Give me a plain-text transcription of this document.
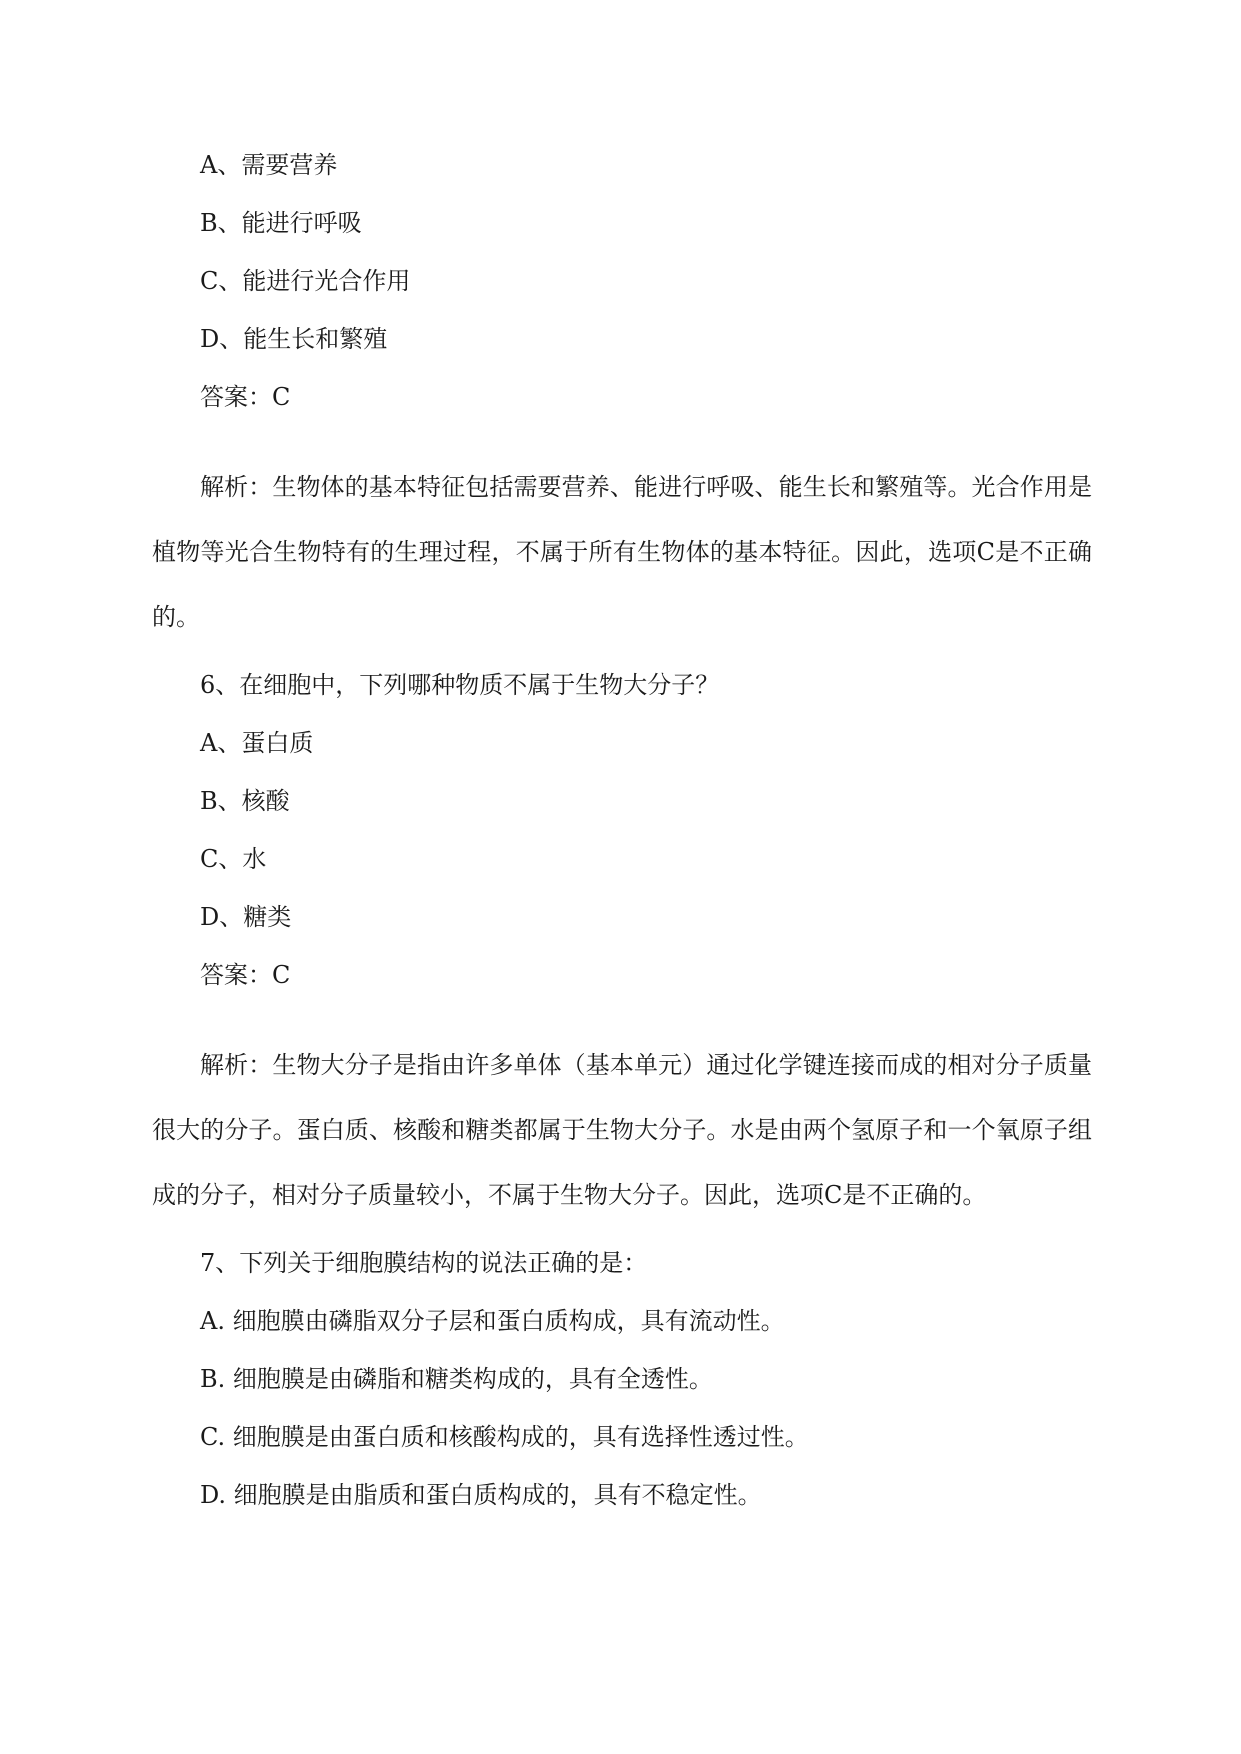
A、需要营养

B、能进行呼吸

C、能进行光合作用

D、能生长和繁殖

答案：C

解析：生物体的基本特征包括需要营养、能进行呼吸、能生长和繁殖等。光合作用是植物等光合生物特有的生理过程，不属于所有生物体的基本特征。因此，选项C是不正确的。

6、在细胞中，下列哪种物质不属于生物大分子？

A、蛋白质

B、核酸

C、水

D、糖类

答案：C

解析：生物大分子是指由许多单体（基本单元）通过化学键连接而成的相对分子质量很大的分子。蛋白质、核酸和糖类都属于生物大分子。水是由两个氢原子和一个氧原子组成的分子，相对分子质量较小，不属于生物大分子。因此，选项C是不正确的。

7、下列关于细胞膜结构的说法正确的是：

A. 细胞膜由磷脂双分子层和蛋白质构成，具有流动性。

B. 细胞膜是由磷脂和糖类构成的，具有全透性。

C. 细胞膜是由蛋白质和核酸构成的，具有选择性透过性。

D. 细胞膜是由脂质和蛋白质构成的，具有不稳定性。
